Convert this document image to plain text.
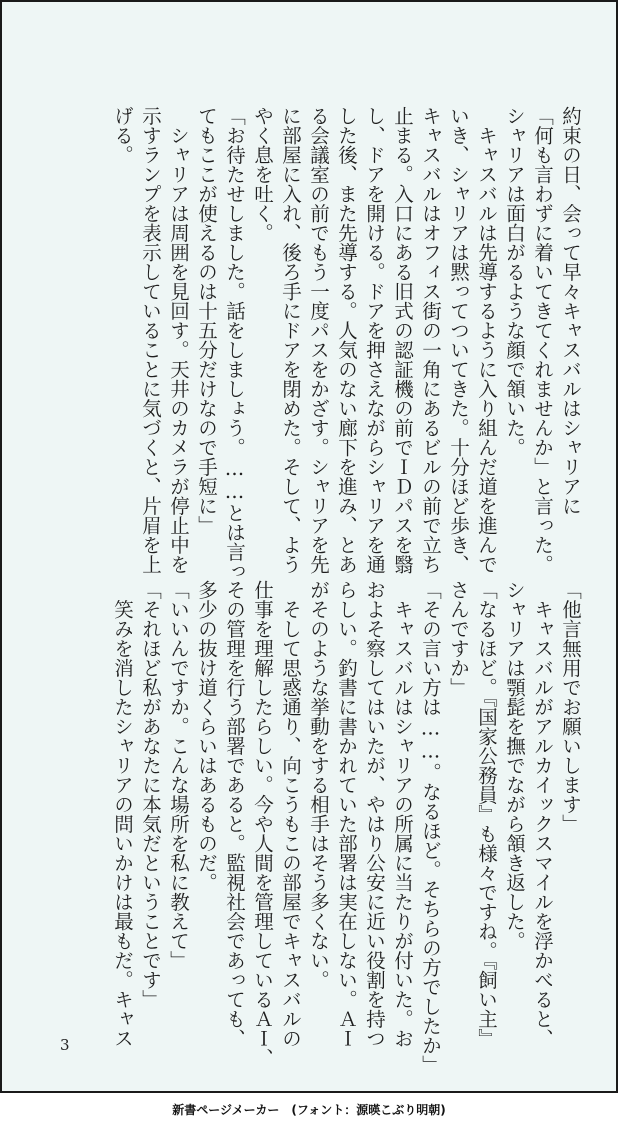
約束の日、会って早々キャスバルはシャリアに
「何も言わずに着いてきてくれませんか」と言った。
シャリアは面白がるような顔で頷いた。
　キャスバルは先導するように入り組んだ道を進んで
いき、シャリアは黙ってついてきた。十分ほど歩き、
キャスバルはオフィス街の一角にあるビルの前で立ち
止まる。入口にある旧式の認証機の前でＩＤパスを翳
し、ドアを開ける。ドアを押さえながらシャリアを通
した後、また先導する。人気のない廊下を進み、とあ
る会議室の前でもう一度パスをかざす。シャリアを先
に部屋に入れ、後ろ手にドアを閉めた。そして、よう
やく息を吐く。
「お待たせしました。話をしましょう。……とは言っ
てもここが使えるのは十五分だけなので手短に」
　シャリアは周囲を見回す。天井のカメラが停止中を
示すランプを表示していることに気づくと、片眉を上
げる。
「他言無用でお願いします」
　キャスバルがアルカイックスマイルを浮かべると、
シャリアは顎髭を撫でながら頷き返した。
「なるほど。『国家公務員』も様々ですね。『飼い主』
さんですか」
「その言い方は……。なるほど。そちらの方でしたか」
　キャスバルはシャリアの所属に当たりが付いた。お
およそ察してはいたが、やはり公安に近い役割を持つ
らしい。釣書に書かれていた部署は実在しない。ＡＩ
がそのような挙動をする相手はそう多くない。
　そして思惑通り、向こうもこの部屋でキャスバルの
仕事を理解したらしい。今や人間を管理しているＡＩ、
その管理を行う部署であると。監視社会であっても、
多少の抜け道くらいはあるものだ。
「いいんですか。こんな場所を私に教えて」
「それほど私があなたに本気だということです」
　笑みを消したシャリアの問いかけは最もだ。キャス
3
新書ページメーカー　(フォント：源暎こぶり明朝)
